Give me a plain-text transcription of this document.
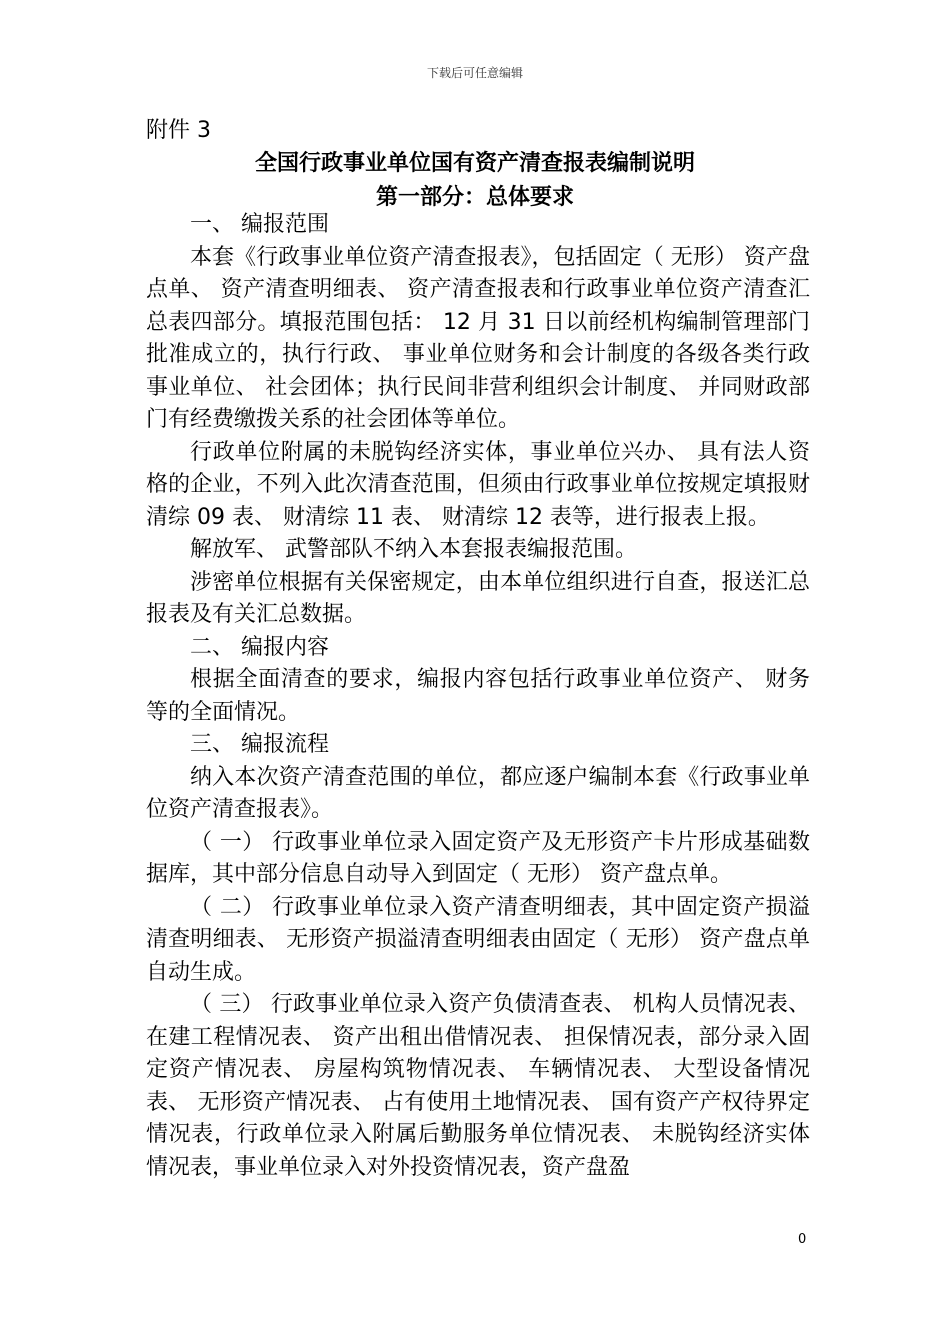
下载后可任意编辑
附件 3
全国行政事业单位国有资产清查报表编制说明
第一部分：总体要求

一、 编报范围

本套《行政事业单位资产清查报表》，包括固定（ 无形） 资产盘点单、 资产清查明细表、 资产清查报表和行政事业单位资产清查汇总表四部分。填报范围包括： 12 月 31 日以前经机构编制管理部门批准成立的，执行行政、 事业单位财务和会计制度的各级各类行政事业单位、 社会团体；执行民间非营利组织会计制度、 并同财政部门有经费缴拨关系的社会团体等单位。

行政单位附属的未脱钩经济实体，事业单位兴办、 具有法人资格的企业，不列入此次清查范围，但须由行政事业单位按规定填报财清综 09 表、 财清综 11 表、 财清综 12 表等，进行报表上报。

解放军、 武警部队不纳入本套报表编报范围。

涉密单位根据有关保密规定，由本单位组织进行自查，报送汇总报表及有关汇总数据。

二、 编报内容

根据全面清查的要求，编报内容包括行政事业单位资产、 财务等的全面情况。

三、 编报流程

纳入本次资产清查范围的单位，都应逐户编制本套《行政事业单位资产清查报表》。

（ 一） 行政事业单位录入固定资产及无形资产卡片形成基础数据库，其中部分信息自动导入到固定（ 无形） 资产盘点单。

（ 二） 行政事业单位录入资产清查明细表，其中固定资产损溢清查明细表、 无形资产损溢清查明细表由固定（ 无形） 资产盘点单自动生成。

（ 三） 行政事业单位录入资产负债清查表、 机构人员情况表、 在建工程情况表、 资产出租出借情况表、 担保情况表，部分录入固定资产情况表、 房屋构筑物情况表、 车辆情况表、 大型设备情况表、 无形资产情况表、 占有使用土地情况表、 国有资产产权待界定情况表，行政单位录入附属后勤服务单位情况表、 未脱钩经济实体情况表，事业单位录入对外投资情况表，资产盘盈

0
